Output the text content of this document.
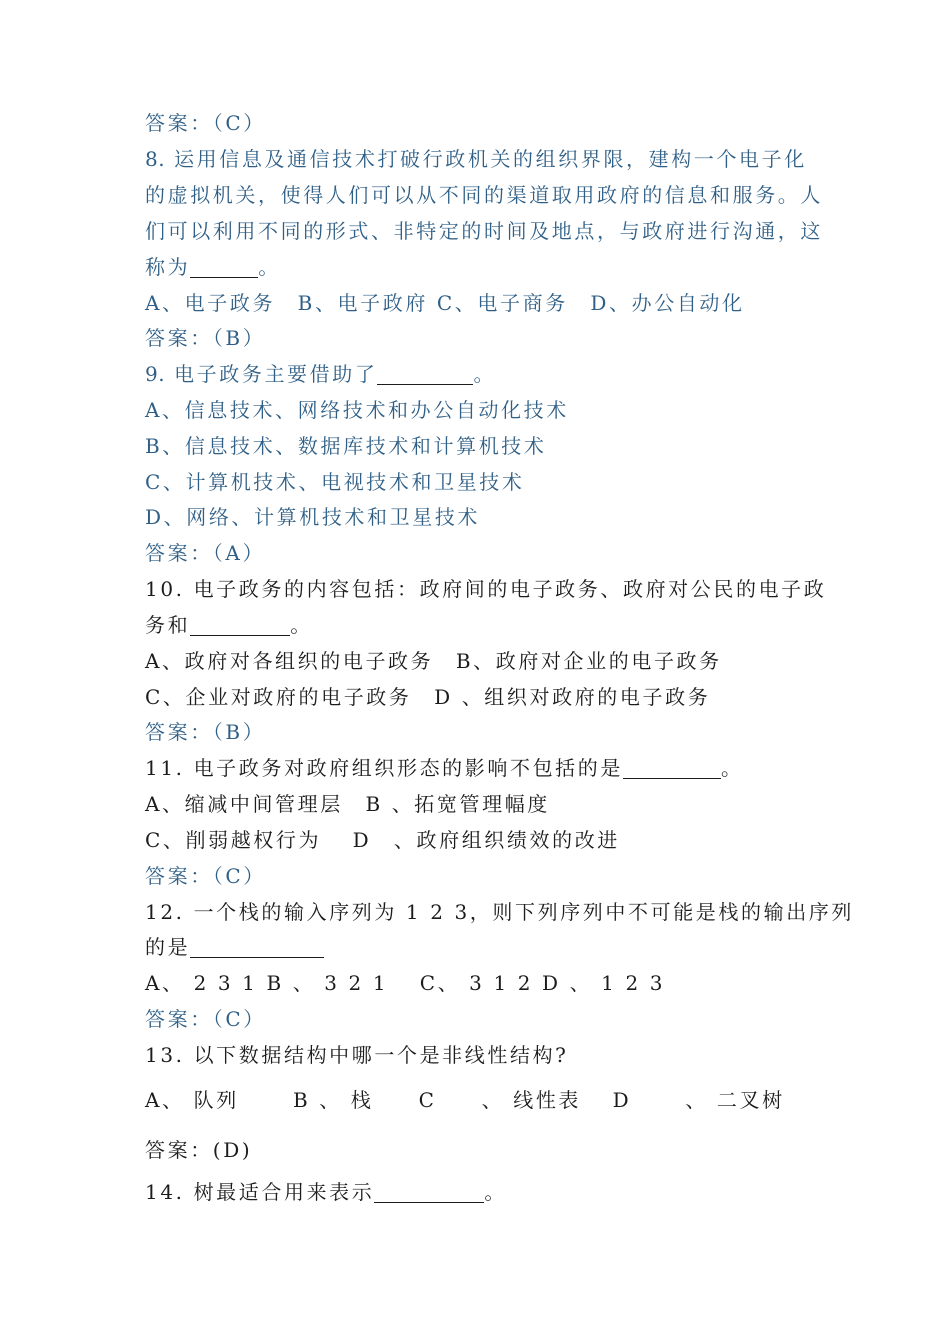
答案：（C）
8. 运用信息及通信技术打破行政机关的组织界限，建构一个电子化
的虚拟机关，使得人们可以从不同的渠道取用政府的信息和服务。人
们可以利用不同的形式、非特定的时间及地点，与政府进行沟通，这
称为	。
A、电子政务　B、电子政府 C、电子商务　D、办公自动化
答案：（B）
9. 电子政务主要借助了	。
A、信息技术、网络技术和办公自动化技术
B、信息技术、数据库技术和计算机技术
C、计算机技术、电视技术和卫星技术
D、网络、计算机技术和卫星技术
答案：（A）
10. 电子政务的内容包括：政府间的电子政务、政府对公民的电子政
务和	。
A、政府对各组织的电子政务　B、政府对企业的电子政务
C、企业对政府的电子政务　D 、组织对政府的电子政务
答案：（B）
11. 电子政务对政府组织形态的影响不包括的是	。
A、缩减中间管理层　B 、拓宽管理幅度
C、削弱越权行为　 D　、政府组织绩效的改进
答案：（C）
12. 一个栈的输入序列为 1 2 3，则下列序列中不可能是栈的输出序列
的是
A、 2 3 1 B 、 3 2 1　 C、 3 1 2 D 、 1 2 3
答案：（C）
13. 以下数据结构中哪一个是非线性结构?
A、 队列　　 B 、 栈　　C　　、 线性表　 D　　 、 二叉树
答案：(D)
14. 树最适合用来表示	。
